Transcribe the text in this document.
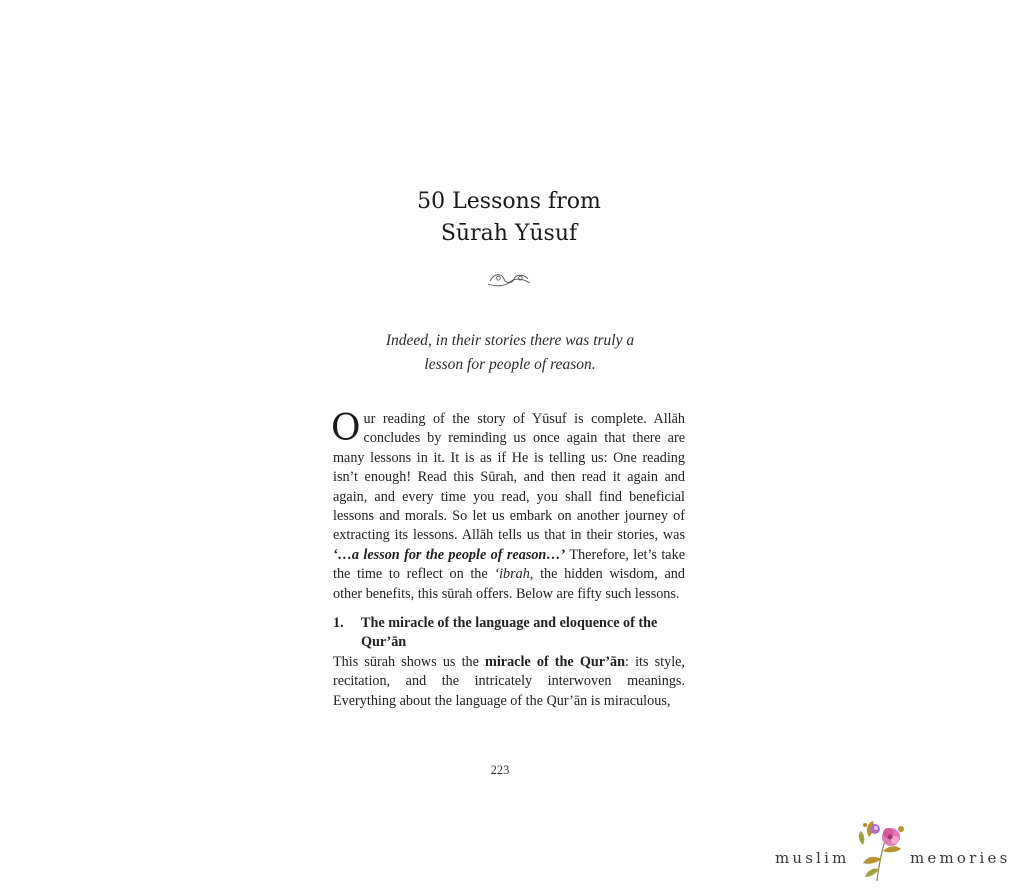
50 Lessons from
Sūrah Yūsuf
Indeed, in their stories there was truly a
lesson for people of reason.

Our reading of the story of Yūsuf is complete. Allāh concludes by reminding us once again that there are many lessons in it. It is as if He is telling us: One reading isn’t enough! Read this Sūrah, and then read it again and again, and every time you read, you shall find beneficial lessons and morals. So let us embark on another journey of extracting its lessons. Allāh tells us that in their stories, was ‘…a lesson for the people of reason…’ Therefore, let’s take the time to reflect on the ‘ibrah, the hidden wisdom, and other benefits, this sūrah offers. Below are fifty such lessons.

1.	The miracle of the language and eloquence of the Qur’ān

This sūrah shows us the miracle of the Qur’ān: its style, recitation, and the intricately interwoven meanings. Everything about the language of the Qur’ān is miraculous,

223
muslim	memories
